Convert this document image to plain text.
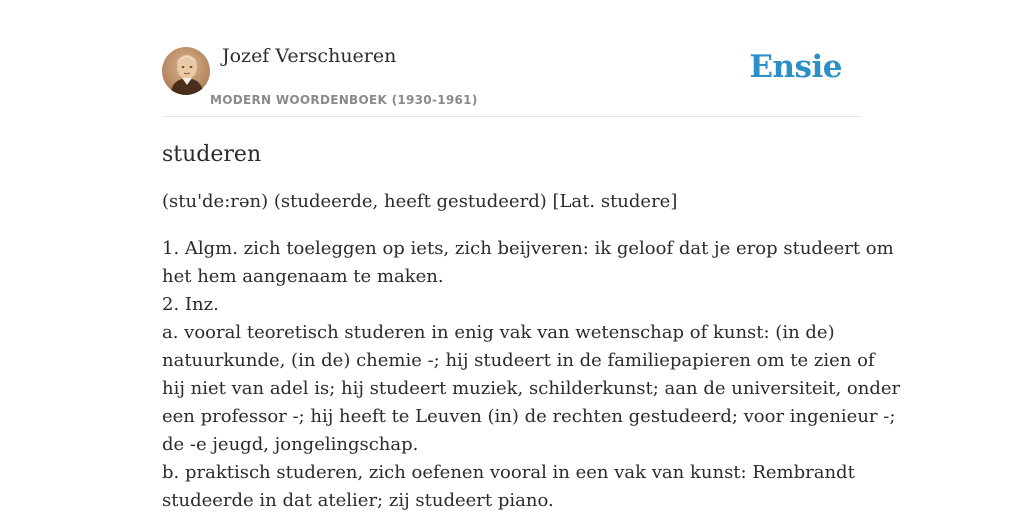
Jozef Verschueren
MODERN WOORDENBOEK (1930-1961)
Ensie
studeren

(stu'de:rən) (studeerde, heeft gestudeerd) [Lat. studere]

1. Algm. zich toeleggen op iets, zich beijveren: ik geloof dat je erop studeert om
het hem aangenaam te maken.
2. Inz.
a. vooral teoretisch studeren in enig vak van wetenschap of kunst: (in de)
natuurkunde, (in de) chemie -; hij studeert in de familiepapieren om te zien of
hij niet van adel is; hij studeert muziek, schilderkunst; aan de universiteit, onder
een professor -; hij heeft te Leuven (in) de rechten gestudeerd; voor ingenieur -;
de -e jeugd, jongelingschap.
b. praktisch studeren, zich oefenen vooral in een vak van kunst: Rembrandt
studeerde in dat atelier; zij studeert piano.
